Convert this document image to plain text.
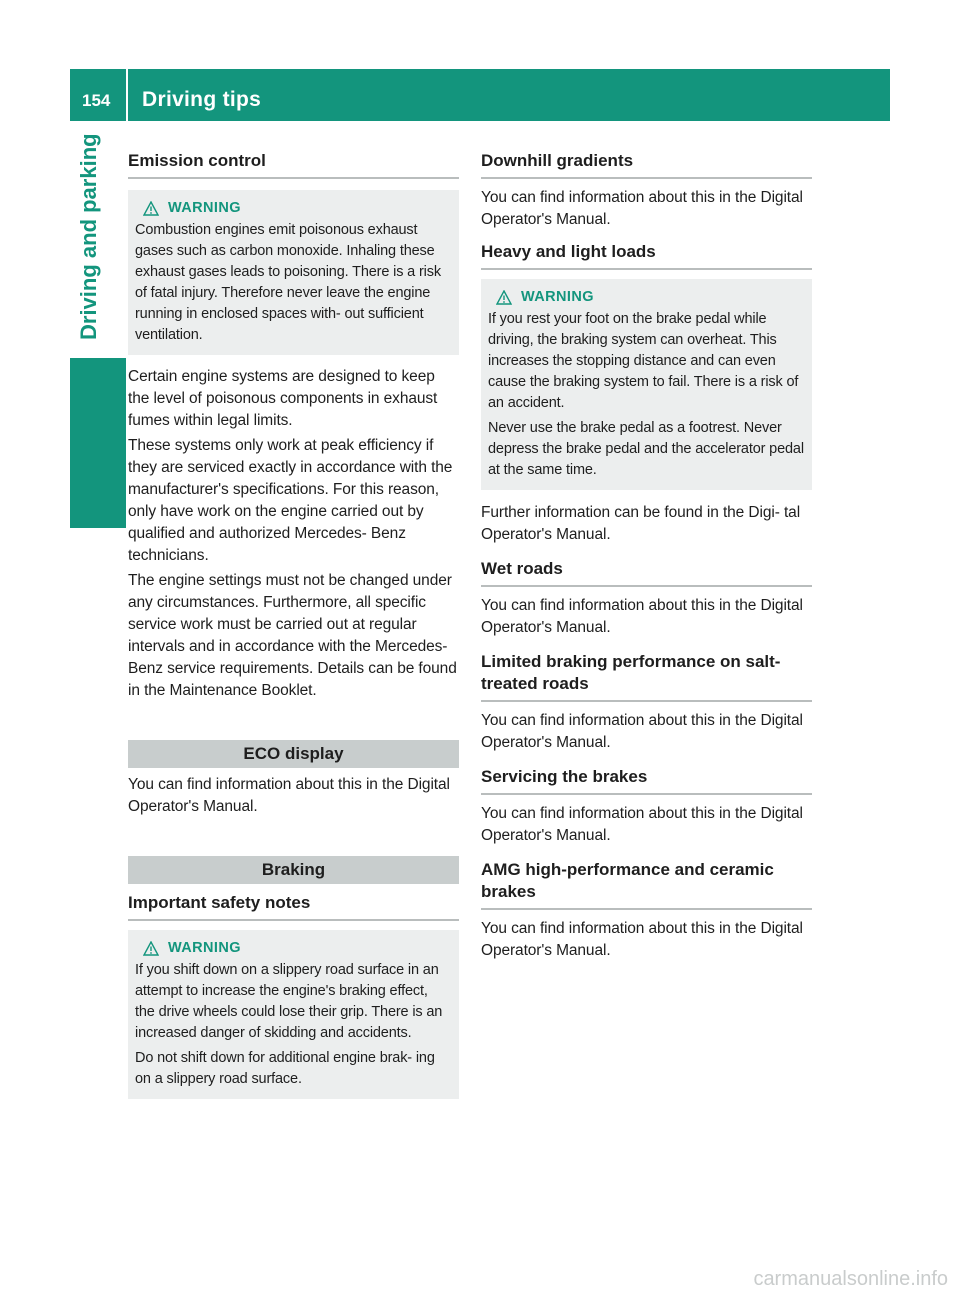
154 Driving tips
Driving and parking	Emission control
WARNING

Combustion engines emit poisonous exhaust gases such as carbon monoxide. Inhaling these exhaust gases leads to poisoning. There is a risk of fatal injury. Therefore never leave the engine running in enclosed spaces with- out sufficient ventilation.

Certain engine systems are designed to keep the level of poisonous components in exhaust fumes within legal limits.

These systems only work at peak efficiency if they are serviced exactly in accordance with the manufacturer's specifications. For this reason, only have work on the engine carried out by qualified and authorized Mercedes- Benz technicians.

The engine settings must not be changed under any circumstances. Furthermore, all specific service work must be carried out at regular intervals and in accordance with the Mercedes-Benz service requirements. Details can be found in the Maintenance Booklet.

ECO display

You can find information about this in the Digital Operator's Manual.

Braking
Important safety notes
WARNING

If you shift down on a slippery road surface in an attempt to increase the engine's braking effect, the drive wheels could lose their grip. There is an increased danger of skidding and accidents.

Do not shift down for additional engine brak- ing on a slippery road surface.

Downhill gradients

You can find information about this in the Digital Operator's Manual.

Heavy and light loads
WARNING

If you rest your foot on the brake pedal while driving, the braking system can overheat. This increases the stopping distance and can even cause the braking system to fail. There is a risk of an accident.

Never use the brake pedal as a footrest. Never depress the brake pedal and the accelerator pedal at the same time.

Further information can be found in the Digi- tal Operator's Manual.

Wet roads

You can find information about this in the Digital Operator's Manual.

Limited braking performance on salt- treated roads

You can find information about this in the Digital Operator's Manual.

Servicing the brakes

You can find information about this in the Digital Operator's Manual.

AMG high-performance and ceramic brakes

You can find information about this in the Digital Operator's Manual.

carmanualsonline.info
